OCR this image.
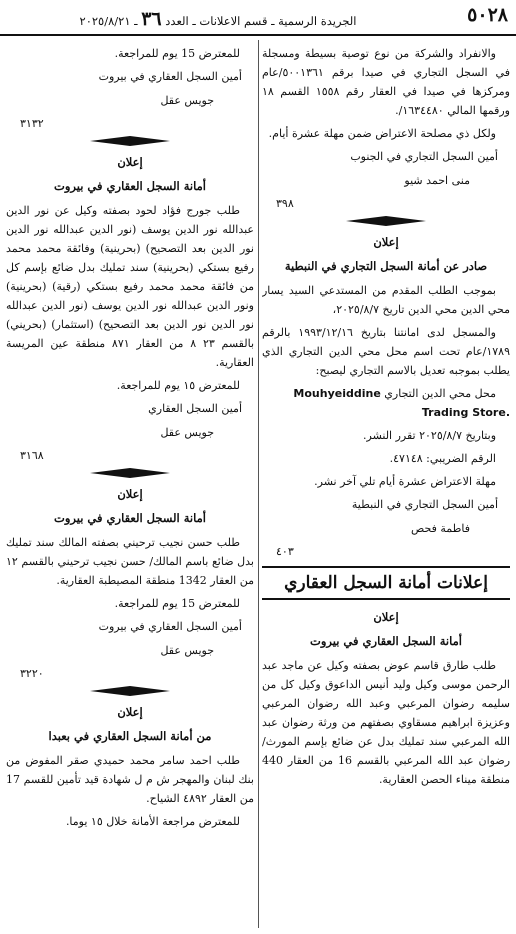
٥٠٢٨
الجريدة الرسمية ـ قسم الاعلانات ـ العدد ٣٦ ـ ٢٠٢٥/٨/٢١

والانفراد والشركة من نوع توصية بسيطة ومسجلة في السجل التجاري في صيدا برقم ٥٠٠١٣٦١/عام ومركزها في صيدا في العقار رقم ١٥٥٨ القسم ١٨ ورقمها المالي ١٦٣٤٤٨٠/.

ولكل ذي مصلحة الاعتراض ضمن مهلة عشرة أيام.

أمين السجل التجاري في الجنوب

منى احمد شيو

٣٩٨

إعلان

صادر عن أمانة السجل التجاري في النبطية

بموجب الطلب المقدم من المستدعي السيد يسار محي الدين محي الدين تاريخ ٢٠٢٥/٨/٧،

والمسجل لدى امانتنا بتاريخ ١٩٩٣/١٢/١٦ بالرقم ١٧٨٩/عام تحت اسم محل محي الدين التجاري الذي يطلب بموجبه تعديل بالاسم التجاري ليصبح:

محل محي الدين التجاري Mouhyeiddine
Trading Store.

وبتاريخ ٢٠٢٥/٨/٧ تقرر النشر.

الرقم الضريبي: ٤٧١٤٨.

مهلة الاعتراض عشرة أيام تلي آخر نشر.

أمين السجل التجاري في النبطية

فاطمة فحص

٤٠٣

إعلانات أمانة السجل العقاري

إعلان

أمانة السجل العقاري في بيروت

طلب طارق قاسم عوض بصفته وكيل عن ماجد عبد الرحمن موسى وكيل وليد أنيس الداعوق وكيل كل من سليمه رضوان المرعبي وعبد الله رضوان المرعبي وعزيزة ابراهيم مسقاوي بصفتهم من ورثة رضوان عبد الله المرعبي سند تمليك بدل عن ضائع بإسم المورث/ رضوان عبد الله المرعبي بالقسم 16 من العقار 440 منطقة ميناء الحصن العقارية.

للمعترض 15 يوم للمراجعة.

أمين السجل العقاري في بيروت

جويس عقل

٣١٣٢

إعلان

أمانة السجل العقاري في بيروت

طلب جورج فؤاد لحود بصفته وكيل عن نور الدين عبدالله نور الدين يوسف (نور الدين عبدالله نور الدين نور الدين بعد التصحيح) (بحرينية) وفائقة محمد محمد رفيع بستكي (بحرينية) سند تمليك بدل ضائع بإسم كل من فائقة محمد محمد رفيع بستكي (رقية) (بحرينية) ونور الدين عبدالله نور الدين يوسف (نور الدين عبدالله نور الدين نور الدين بعد التصحيح) (استثمار) (بحريني) بالقسم ٢٣ ٨ من العقار ٨٧١ منطقة عين المريسة العقارية.

للمعترض ١٥ يوم للمراجعة.

أمين السجل العقاري

جويس عقل

٣١٦٨

إعلان

أمانة السجل العقاري في بيروت

طلب حسن نجيب ترحيني بصفته المالك سند تمليك بدل ضائع باسم المالك/ حسن نجيب ترحيني بالقسم ١٢ من العقار 1342 منطقة المصيطبة العقارية.

للمعترض 15 يوم للمراجعة.

أمين السجل العقاري في بيروت

جويس عقل

٣٢٢٠

إعلان

من أمانة السجل العقاري في بعبدا

طلب احمد سامر محمد حميدي صقر المفوض من بنك لبنان والمهجر ش م ل شهادة قيد تأمين للقسم 17 من العقار ٤٨٩٢ الشياح.

للمعترض مراجعة الأمانة خلال ١٥ يوما.
